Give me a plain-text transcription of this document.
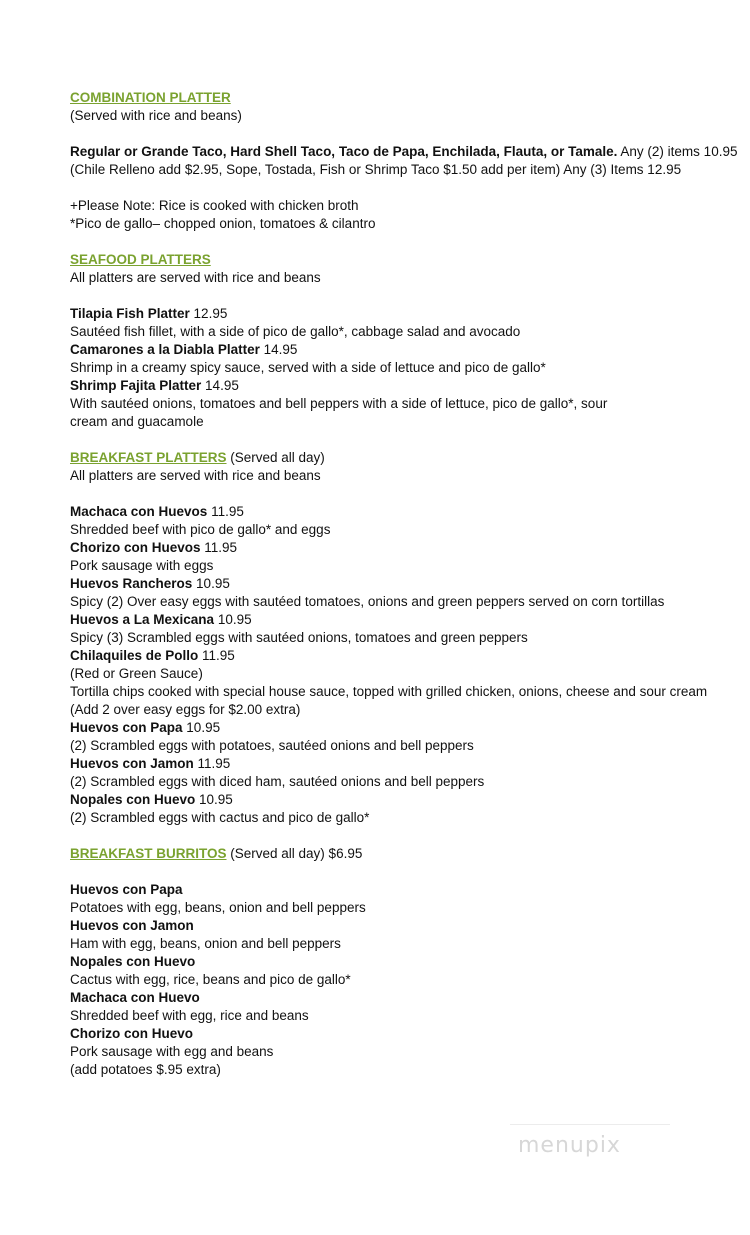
COMBINATION PLATTER
(Served with rice and beans)
Regular or Grande Taco, Hard Shell Taco, Taco de Papa, Enchilada, Flauta, or Tamale. Any (2) items 10.95
(Chile Relleno add $2.95, Sope, Tostada, Fish or Shrimp Taco $1.50 add per item) Any (3) Items 12.95
+Please Note: Rice is cooked with chicken broth
*Pico de gallo– chopped onion, tomatoes & cilantro
SEAFOOD PLATTERS
All platters are served with rice and beans
Tilapia Fish Platter 12.95
Sautéed fish fillet, with a side of pico de gallo*, cabbage salad and avocado
Camarones a la Diabla Platter 14.95
Shrimp in a creamy spicy sauce, served with a side of lettuce and pico de gallo*
Shrimp Fajita Platter 14.95
With sautéed onions, tomatoes and bell peppers with a side of lettuce, pico de gallo*, sour cream and guacamole
BREAKFAST PLATTERS (Served all day)
All platters are served with rice and beans
Machaca con Huevos 11.95
Shredded beef with pico de gallo* and eggs
Chorizo con Huevos 11.95
Pork sausage with eggs
Huevos Rancheros 10.95
Spicy (2) Over easy eggs with sautéed tomatoes, onions and green peppers served on corn tortillas
Huevos a La Mexicana 10.95
Spicy (3) Scrambled eggs with sautéed onions, tomatoes and green peppers
Chilaquiles de Pollo 11.95
(Red or Green Sauce)
Tortilla chips cooked with special house sauce, topped with grilled chicken, onions, cheese and sour cream
(Add 2 over easy eggs for $2.00 extra)
Huevos con Papa 10.95
(2) Scrambled eggs with potatoes, sautéed onions and bell peppers
Huevos con Jamon 11.95
(2) Scrambled eggs with diced ham, sautéed onions and bell peppers
Nopales con Huevo 10.95
(2) Scrambled eggs with cactus and pico de gallo*
BREAKFAST BURRITOS (Served all day) $6.95
Huevos con Papa
Potatoes with egg, beans, onion and bell peppers
Huevos con Jamon
Ham with egg, beans, onion and bell peppers
Nopales con Huevo
Cactus with egg, rice, beans and pico de gallo*
Machaca con Huevo
Shredded beef with egg, rice and beans
Chorizo con Huevo
Pork sausage with egg and beans
(add potatoes $.95 extra)
menupix
